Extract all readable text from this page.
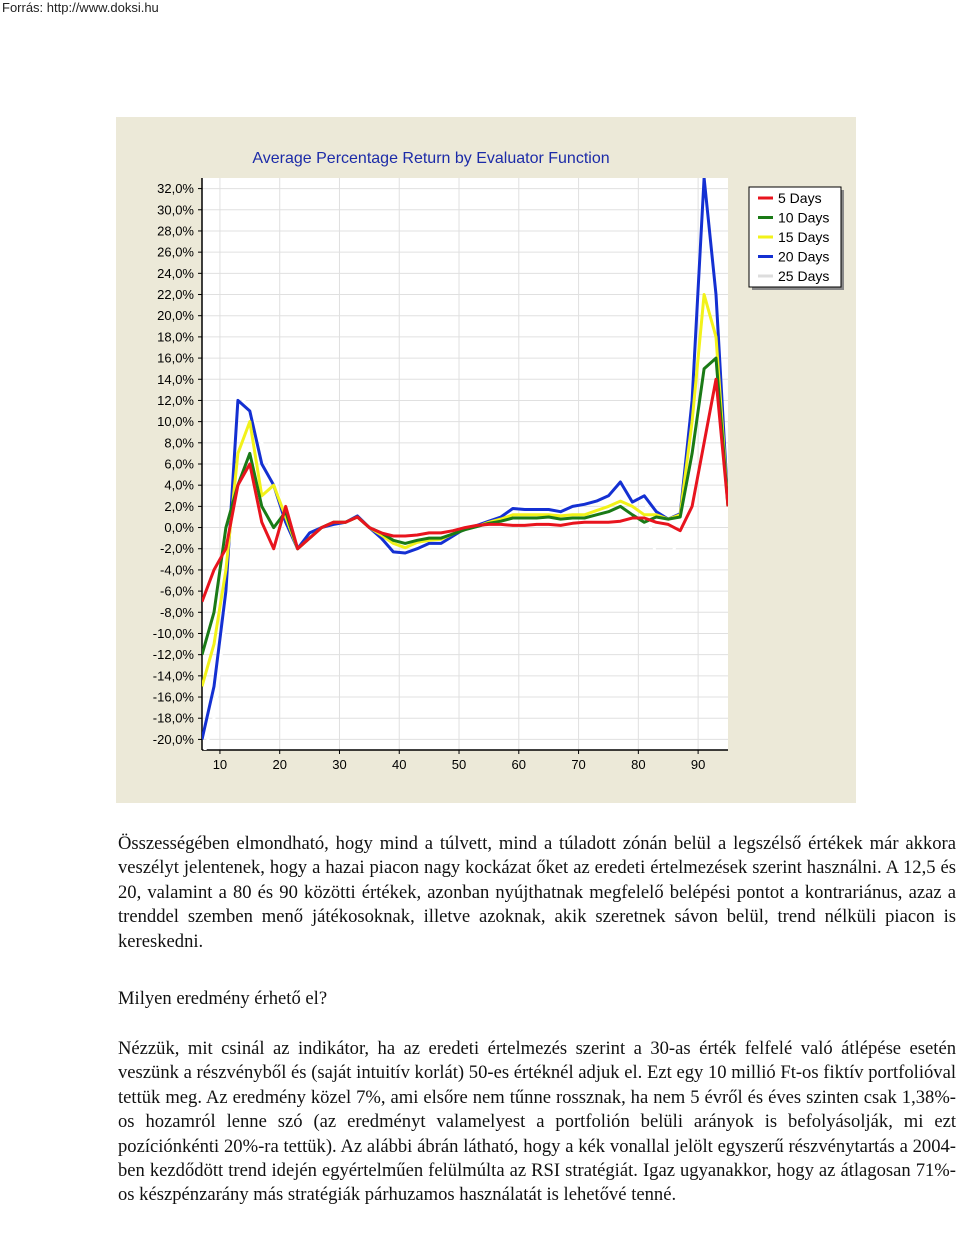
Forrás: http://www.doksi.hu
Average Percentage Return by Evaluator Function
32,0%
30,0%
28,0%
26,0%
24,0%
22,0%
20,0%
18,0%
16,0%
14,0%
12,0%
10,0%
8,0%
6,0%
4,0%
2,0%
0,0%
-2,0%
-4,0%
-6,0%
-8,0%
-10,0%
-12,0%
-14,0%
-16,0%
-18,0%
-20,0%
10	20	30	40	50	60	70	80	90
5 Days
10 Days
15 Days
20 Days
25 Days

Összességében elmondható, hogy mind a túlvett, mind a túladott zónán belül a legszélső értékek már akkora veszélyt jelentenek, hogy a hazai piacon nagy kockázat őket az eredeti értelmezések szerint használni. A 12,5 és 20, valamint a 80 és 90 közötti értékek, azonban nyújthatnak megfelelő belépési pontot a kontrariánus, azaz a trenddel szemben menő játékosoknak, illetve azoknak, akik szeretnek sávon belül, trend nélküli piacon is kereskedni.

Milyen eredmény érhető el?

Nézzük, mit csinál az indikátor, ha az eredeti értelmezés szerint a 30-as érték felfelé való átlépése esetén veszünk a részvényből és (saját intuitív korlát) 50-es értéknél adjuk el. Ezt egy 10 millió Ft-os fiktív portfolióval tettük meg. Az eredmény közel 7%, ami elsőre nem tűnne rossznak, ha nem 5 évről és éves szinten csak 1,38%-os hozamról lenne szó (az eredményt valamelyest a portfolión belüli arányok is befolyásolják, mi ezt pozíciónkénti 20%-ra tettük). Az alábbi ábrán látható, hogy a kék vonallal jelölt egyszerű részvénytartás a 2004-ben kezdődött trend idején egyértelműen felülmúlta az RSI stratégiát. Igaz ugyanakkor, hogy az átlagosan 71%-os készpénzarány más stratégiák párhuzamos használatát is lehetővé tenné.
